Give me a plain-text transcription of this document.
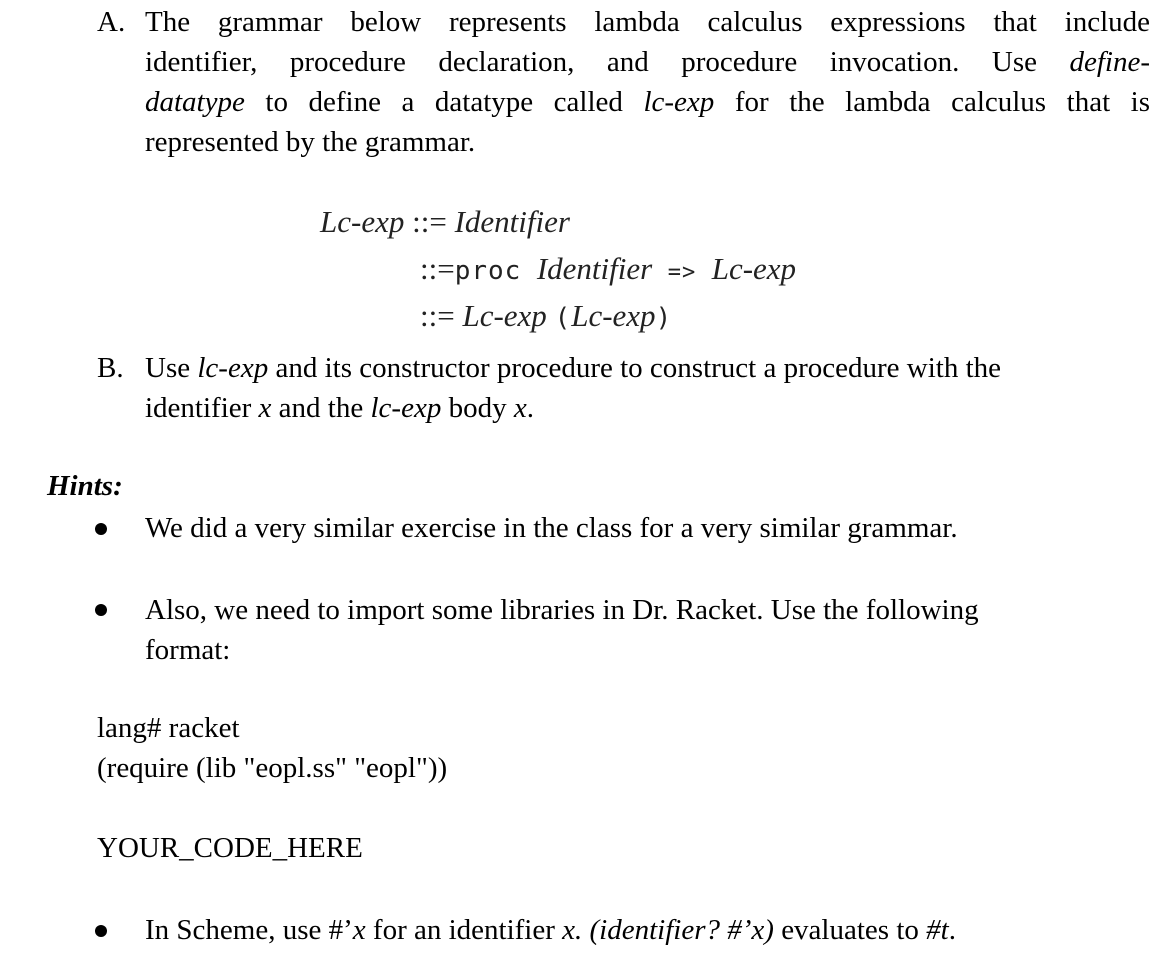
A. The grammar below represents lambda calculus expressions that include
identifier, procedure declaration, and procedure invocation. Use define-
datatype to define a datatype called lc-exp for the lambda calculus that is
represented by the grammar.
Lc-exp ::= Identifier
::=proc Identifier => Lc-exp
::= Lc-exp (Lc-exp)
B. Use lc-exp and its constructor procedure to construct a procedure with the
identifier x and the lc-exp body x.
Hints:
We did a very similar exercise in the class for a very similar grammar.
Also, we need to import some libraries in Dr. Racket. Use the following
format:
lang# racket
(require (lib "eopl.ss" "eopl"))
YOUR_CODE_HERE
In Scheme, use #’x for an identifier x. (identifier? #’x) evaluates to #t.
